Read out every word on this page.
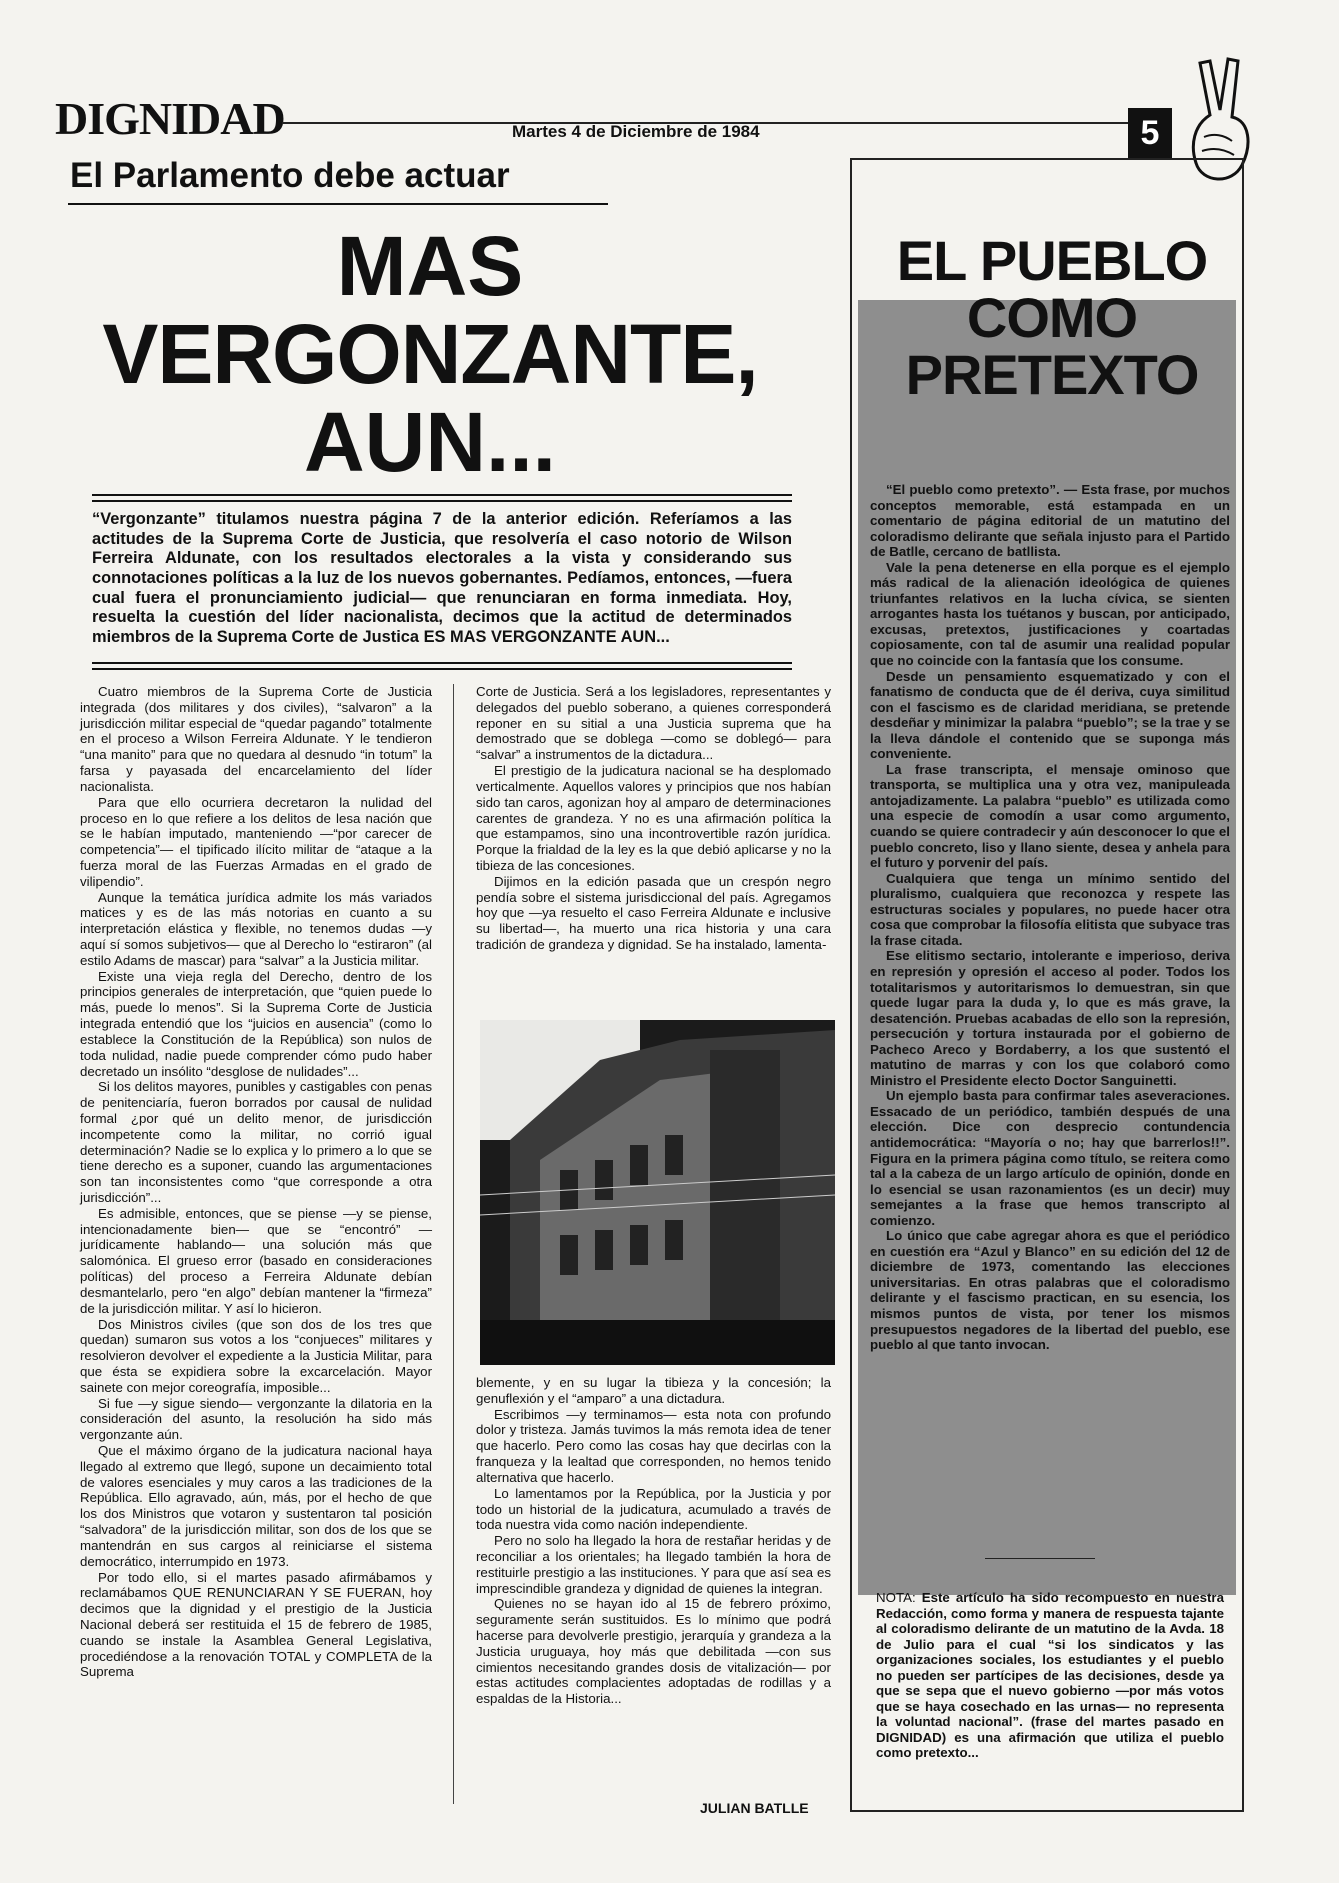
DIGNIDAD	Martes 4 de Diciembre de 1984	5
El Parlamento debe actuar
MAS
VERGONZANTE,
AUN...
“Vergonzante” titulamos nuestra página 7 de la anterior edición. Referíamos a las actitudes de la Suprema Corte de Justicia, que resolvería el caso notorio de Wilson Ferreira Aldunate, con los resultados electorales a la vista y considerando sus connotaciones políticas a la luz de los nuevos gobernantes. Pedíamos, entonces, —fuera cual fuera el pronunciamiento judicial— que renunciaran en forma inmediata. Hoy, resuelta la cuestión del líder nacionalista, decimos que la actitud de determinados miembros de la Suprema Corte de Justica ES MAS VERGONZANTE AUN...

Cuatro miembros de la Suprema Corte de Justicia integrada (dos militares y dos civiles), “salvaron” a la jurisdicción militar especial de “quedar pagando” totalmente en el proceso a Wilson Ferreira Aldunate. Y le tendieron “una manito” para que no quedara al desnudo “in totum” la farsa y payasada del encarcelamiento del líder nacionalista.

Para que ello ocurriera decretaron la nulidad del proceso en lo que refiere a los delitos de lesa nación que se le habían imputado, manteniendo —“por carecer de competencia”— el tipificado ilícito militar de “ataque a la fuerza moral de las Fuerzas Armadas en el grado de vilipendio”.

Aunque la temática jurídica admite los más variados matices y es de las más notorias en cuanto a su interpretación elástica y flexible, no tenemos dudas —y aquí sí somos subjetivos— que al Derecho lo “estiraron” (al estilo Adams de mascar) para “salvar” a la Justicia militar.

Existe una vieja regla del Derecho, dentro de los principios generales de interpretación, que “quien puede lo más, puede lo menos”. Si la Suprema Corte de Justicia integrada entendió que los “juicios en ausencia” (como lo establece la Constitución de la República) son nulos de toda nulidad, nadie puede comprender cómo pudo haber decretado un insólito “desglose de nulidades”...

Si los delitos mayores, punibles y castigables con penas de penitenciaría, fueron borrados por causal de nulidad formal ¿por qué un delito menor, de jurisdicción incompetente como la militar, no corrió igual determinación? Nadie se lo explica y lo primero a lo que se tiene derecho es a suponer, cuando las argumentaciones son tan inconsistentes como “que corresponde a otra jurisdicción”...

Es admisible, entonces, que se piense —y se piense, intencionadamente bien— que se “encontró” —jurídicamente hablando— una solución más que salomónica. El grueso error (basado en consideraciones políticas) del proceso a Ferreira Aldunate debían desmantelarlo, pero “en algo” debían mantener la “firmeza” de la jurisdicción militar. Y así lo hicieron.

Dos Ministros civiles (que son dos de los tres que quedan) sumaron sus votos a los “conjueces” militares y resolvieron devolver el expediente a la Justicia Militar, para que ésta se expidiera sobre la excarcelación. Mayor sainete con mejor coreografía, imposible...

Si fue —y sigue siendo— vergonzante la dilatoria en la consideración del asunto, la resolución ha sido más vergonzante aún.

Que el máximo órgano de la judicatura nacional haya llegado al extremo que llegó, supone un decaimiento total de valores esenciales y muy caros a las tradiciones de la República. Ello agravado, aún, más, por el hecho de que los dos Ministros que votaron y sustentaron tal posición “salvadora” de la jurisdicción militar, son dos de los que se mantendrán en sus cargos al reiniciarse el sistema democrático, interrumpido en 1973.

Por todo ello, si el martes pasado afirmábamos y reclamábamos QUE RENUNCIARAN Y SE FUERAN, hoy decimos que la dignidad y el prestigio de la Justicia Nacional deberá ser restituida el 15 de febrero de 1985, cuando se instale la Asamblea General Legislativa, procediéndose a la renovación TOTAL y COMPLETA de la Suprema

Corte de Justicia. Será a los legisladores, representantes y delegados del pueblo soberano, a quienes corresponderá reponer en su sitial a una Justicia suprema que ha demostrado que se doblega —como se doblegó— para “salvar” a instrumentos de la dictadura...

El prestigio de la judicatura nacional se ha desplomado verticalmente. Aquellos valores y principios que nos habían sido tan caros, agonizan hoy al amparo de determinaciones carentes de grandeza. Y no es una afirmación política la que estampamos, sino una incontrovertible razón jurídica. Porque la frialdad de la ley es la que debió aplicarse y no la tibieza de las concesiones.

Dijimos en la edición pasada que un crespón negro pendía sobre el sistema jurisdiccional del país. Agregamos hoy que —ya resuelto el caso Ferreira Aldunate e inclusive su libertad—, ha muerto una rica historia y una cara tradición de grandeza y dignidad. Se ha instalado, lamenta-

blemente, y en su lugar la tibieza y la concesión; la genuflexión y el “amparo” a una dictadura.

Escribimos —y terminamos— esta nota con profundo dolor y tristeza. Jamás tuvimos la más remota idea de tener que hacerlo. Pero como las cosas hay que decirlas con la franqueza y la lealtad que corresponden, no hemos tenido alternativa que hacerlo.

Lo lamentamos por la República, por la Justicia y por todo un historial de la judicatura, acumulado a través de toda nuestra vida como nación independiente.

Pero no solo ha llegado la hora de restañar heridas y de reconciliar a los orientales; ha llegado también la hora de restituirle prestigio a las instituciones. Y para que así sea es imprescindible grandeza y dignidad de quienes la integran.

Quienes no se hayan ido al 15 de febrero próximo, seguramente serán sustituidos. Es lo mínimo que podrá hacerse para devolverle prestigio, jerarquía y grandeza a la Justicia uruguaya, hoy más que debilitada —con sus cimientos necesitando grandes dosis de vitalización— por estas actitudes complacientes adoptadas de rodillas y a espaldas de la Historia...

JULIAN BATLLE
EL PUEBLO
COMO
PRETEXTO

“El pueblo como pretexto”. — Esta frase, por muchos conceptos memorable, está estampada en un comentario de página editorial de un matutino del coloradismo delirante que señala injusto para el Partido de Batlle, cercano de batllista.

Vale la pena detenerse en ella porque es el ejemplo más radical de la alienación ideológica de quienes triunfantes relativos en la lucha cívica, se sienten arrogantes hasta los tuétanos y buscan, por anticipado, excusas, pretextos, justificaciones y coartadas copiosamente, con tal de asumir una realidad popular que no coincide con la fantasía que los consume.

Desde un pensamiento esquematizado y con el fanatismo de conducta que de él deriva, cuya similitud con el fascismo es de claridad meridiana, se pretende desdeñar y minimizar la palabra “pueblo”; se la trae y se la lleva dándole el contenido que se suponga más conveniente.

La frase transcripta, el mensaje ominoso que transporta, se multiplica una y otra vez, manipuleada antojadizamente. La palabra “pueblo” es utilizada como una especie de comodín a usar como argumento, cuando se quiere contradecir y aún desconocer lo que el pueblo concreto, liso y llano siente, desea y anhela para el futuro y porvenir del país.

Cualquiera que tenga un mínimo sentido del pluralismo, cualquiera que reconozca y respete las estructuras sociales y populares, no puede hacer otra cosa que comprobar la filosofía elitista que subyace tras la frase citada.

Ese elitismo sectario, intolerante e imperioso, deriva en represión y opresión el acceso al poder. Todos los totalitarismos y autoritarismos lo demuestran, sin que quede lugar para la duda y, lo que es más grave, la desatención. Pruebas acabadas de ello son la represión, persecución y tortura instaurada por el gobierno de Pacheco Areco y Bordaberry, a los que sustentó el matutino de marras y con los que colaboró como Ministro el Presidente electo Doctor Sanguinetti.

Un ejemplo basta para confirmar tales aseveraciones. Essacado de un periódico, también después de una elección. Dice con desprecio contundencia antidemocrática: “Mayoría o no; hay que barrerlos!!”. Figura en la primera página como título, se reitera como tal a la cabeza de un largo artículo de opinión, donde en lo esencial se usan razonamientos (es un decir) muy semejantes a la frase que hemos transcripto al comienzo.

Lo único que cabe agregar ahora es que el periódico en cuestión era “Azul y Blanco” en su edición del 12 de diciembre de 1973, comentando las elecciones universitarias. En otras palabras que el coloradismo delirante y el fascismo practican, en su esencia, los mismos puntos de vista, por tener los mismos presupuestos negadores de la libertad del pueblo, ese pueblo al que tanto invocan.

NOTA: Este artículo ha sido recompuesto en nuestra Redacción, como forma y manera de respuesta tajante al coloradismo delirante de un matutino de la Avda. 18 de Julio para el cual “si los sindicatos y las organizaciones sociales, los estudiantes y el pueblo no pueden ser partícipes de las decisiones, desde ya que se sepa que el nuevo gobierno —por más votos que se haya cosechado en las urnas— no representa la voluntad nacional”. (frase del martes pasado en DIGNIDAD) es una afirmación que utiliza el pueblo como pretexto...
